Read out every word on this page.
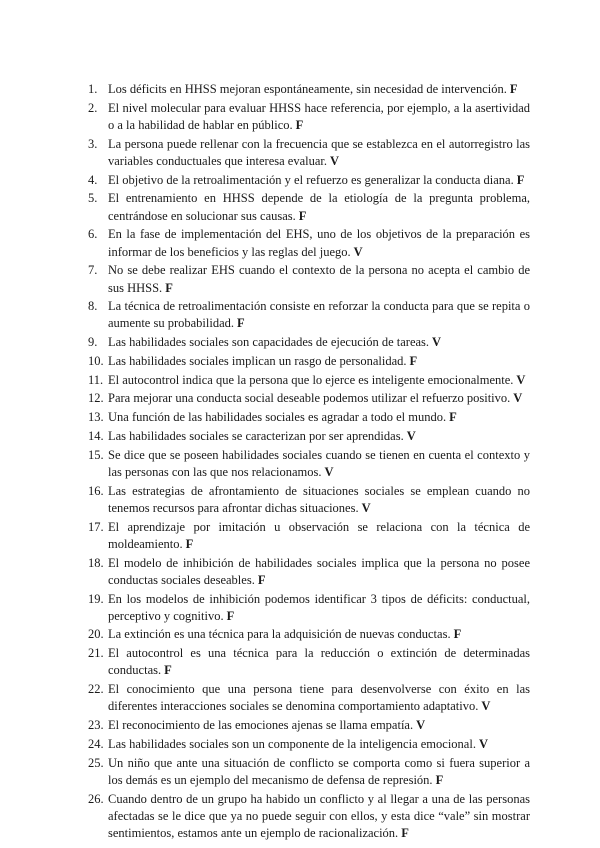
1. Los déficits en HHSS mejoran espontáneamente, sin necesidad de intervención. F
2. El nivel molecular para evaluar HHSS hace referencia, por ejemplo, a la asertividad o a la habilidad de hablar en público. F
3. La persona puede rellenar con la frecuencia que se establezca en el autorregistro las variables conductuales que interesa evaluar. V
4. El objetivo de la retroalimentación y el refuerzo es generalizar la conducta diana. F
5. El entrenamiento en HHSS depende de la etiología de la pregunta problema, centrándose en solucionar sus causas. F
6. En la fase de implementación del EHS, uno de los objetivos de la preparación es informar de los beneficios y las reglas del juego. V
7. No se debe realizar EHS cuando el contexto de la persona no acepta el cambio de sus HHSS. F
8. La técnica de retroalimentación consiste en reforzar la conducta para que se repita o aumente su probabilidad. F
9. Las habilidades sociales son capacidades de ejecución de tareas. V
10. Las habilidades sociales implican un rasgo de personalidad. F
11. El autocontrol indica que la persona que lo ejerce es inteligente emocionalmente. V
12. Para mejorar una conducta social deseable podemos utilizar el refuerzo positivo. V
13. Una función de las habilidades sociales es agradar a todo el mundo. F
14. Las habilidades sociales se caracterizan por ser aprendidas. V
15. Se dice que se poseen habilidades sociales cuando se tienen en cuenta el contexto y las personas con las que nos relacionamos. V
16. Las estrategias de afrontamiento de situaciones sociales se emplean cuando no tenemos recursos para afrontar dichas situaciones. V
17. El aprendizaje por imitación u observación se relaciona con la técnica de moldeamiento. F
18. El modelo de inhibición de habilidades sociales implica que la persona no posee conductas sociales deseables. F
19. En los modelos de inhibición podemos identificar 3 tipos de déficits: conductual, perceptivo y cognitivo. F
20. La extinción es una técnica para la adquisición de nuevas conductas. F
21. El autocontrol es una técnica para la reducción o extinción de determinadas conductas. F
22. El conocimiento que una persona tiene para desenvolverse con éxito en las diferentes interacciones sociales se denomina comportamiento adaptativo. V
23. El reconocimiento de las emociones ajenas se llama empatía. V
24. Las habilidades sociales son un componente de la inteligencia emocional. V
25. Un niño que ante una situación de conflicto se comporta como si fuera superior a los demás es un ejemplo del mecanismo de defensa de represión. F
26. Cuando dentro de un grupo ha habido un conflicto y al llegar a una de las personas afectadas se le dice que ya no puede seguir con ellos, y esta dice “vale” sin mostrar sentimientos, estamos ante un ejemplo de racionalización. F
